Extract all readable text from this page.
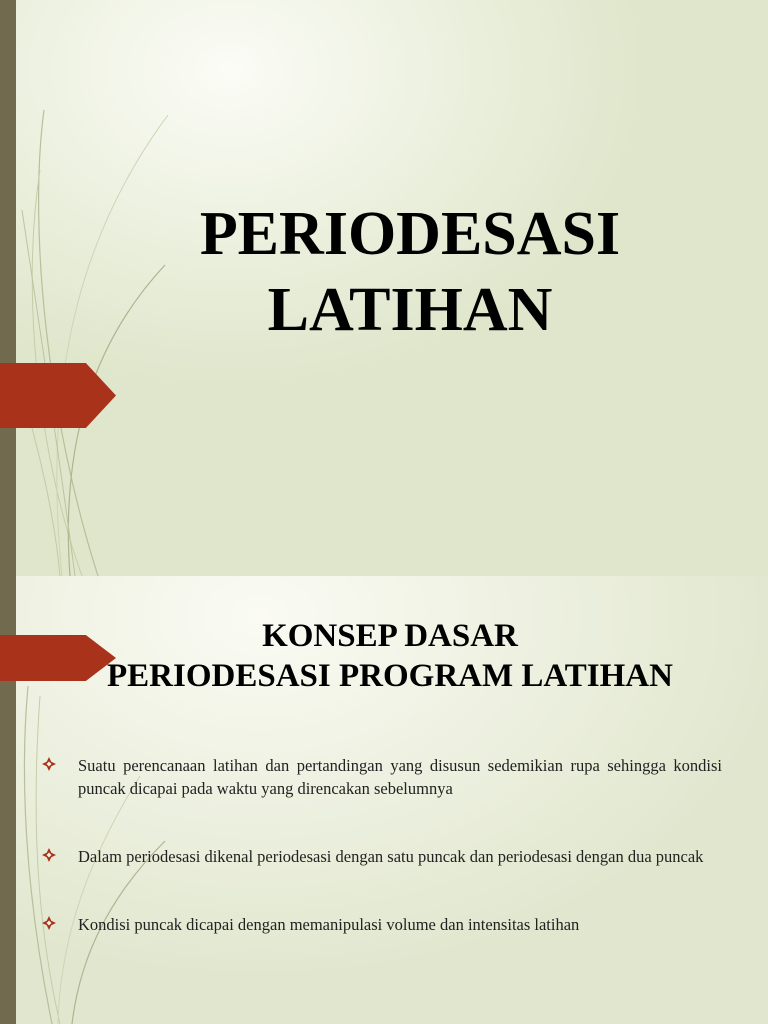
PERIODESASI
LATIHAN
KONSEP DASAR
PERIODESASI PROGRAM LATIHAN
Suatu perencanaan latihan dan pertandingan yang disusun sedemikian rupa sehingga kondisi puncak dicapai pada waktu yang direncakan sebelumnya
Dalam periodesasi dikenal periodesasi dengan satu puncak dan periodesasi dengan dua puncak
Kondisi puncak dicapai dengan memanipulasi volume dan intensitas latihan
